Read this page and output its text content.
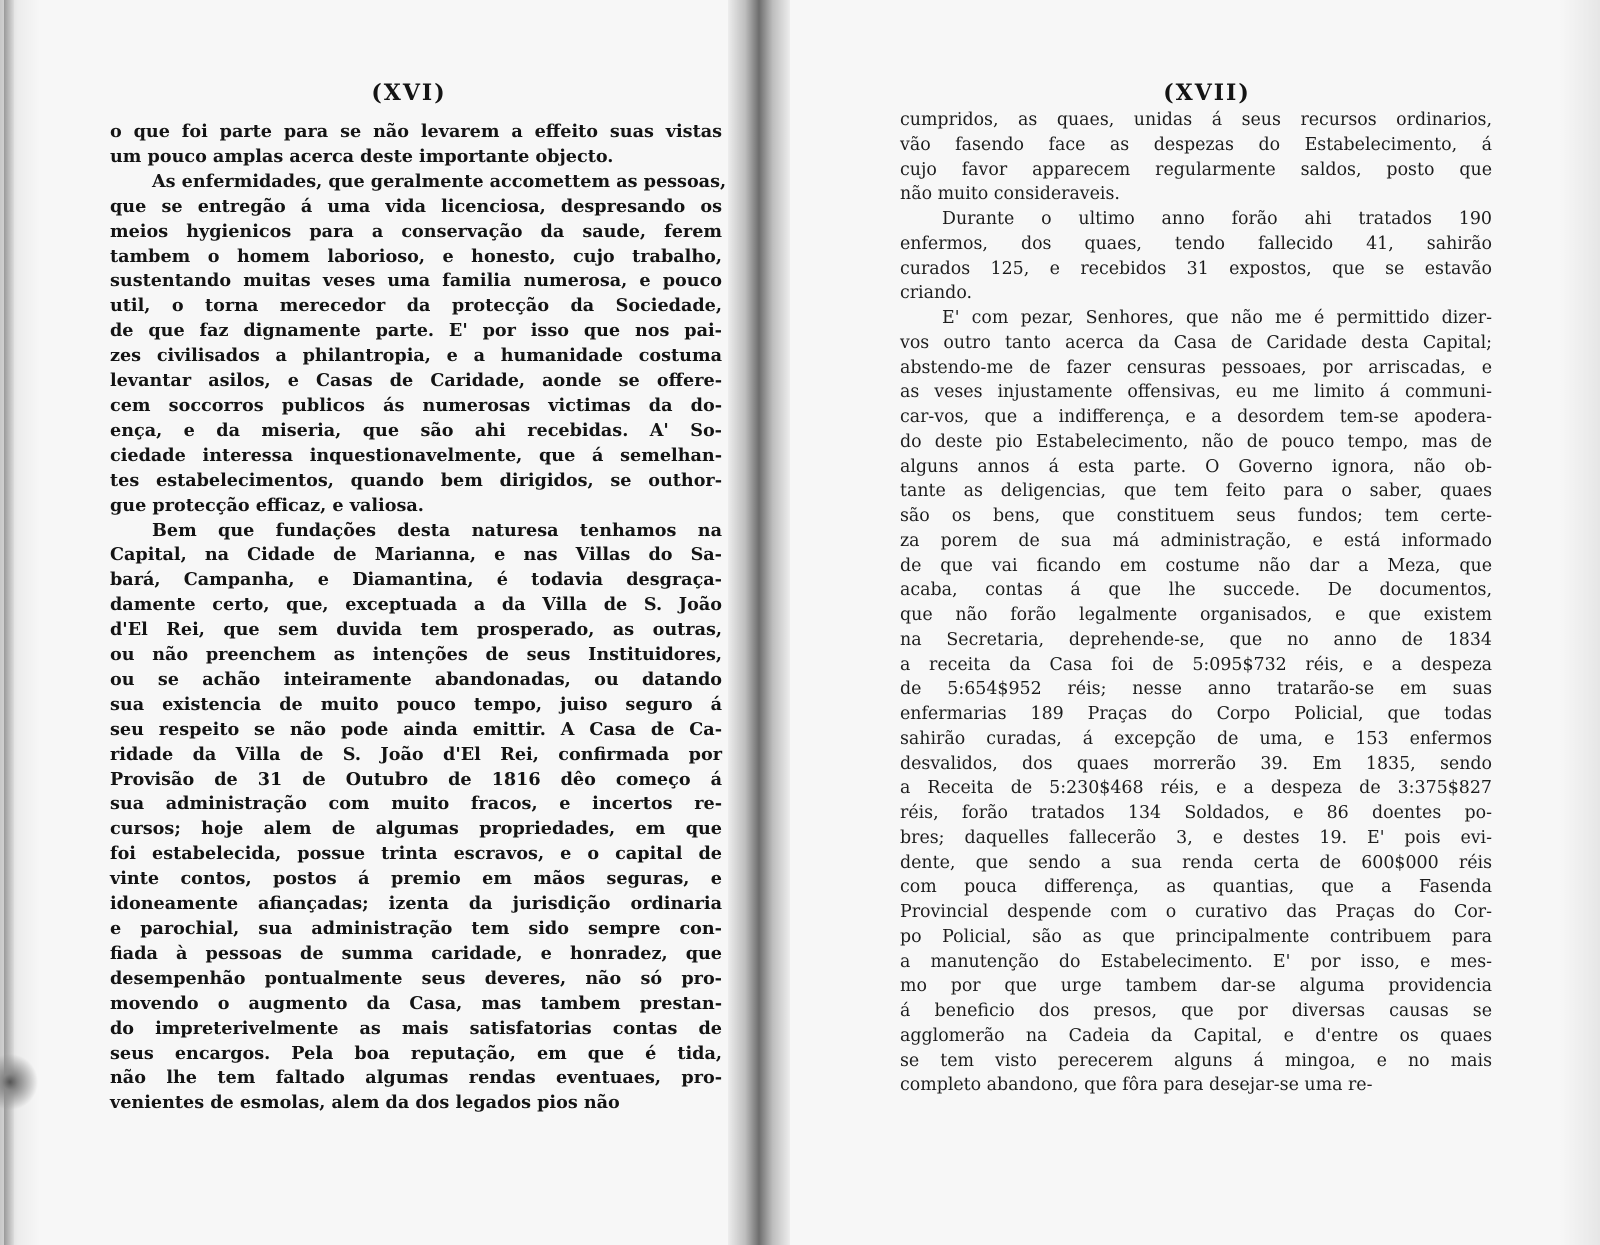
(XVI)
o que foi parte para se não levarem a effeito suas vistas
um pouco amplas acerca deste importante objecto.
As enfermidades, que geralmente accomettem as pessoas,
que se entregão á uma vida licenciosa, despresando os
meios hygienicos para a conservação da saude, ferem
tambem o homem laborioso, e honesto, cujo trabalho,
sustentando muitas veses uma familia numerosa, e pouco
util, o torna merecedor da protecção da Sociedade,
de que faz dignamente parte. E' por isso que nos pai-
zes civilisados a philantropia, e a humanidade costuma
levantar asilos, e Casas de Caridade, aonde se offere-
cem soccorros publicos ás numerosas victimas da do-
ença, e da miseria, que são ahi recebidas. A' So-
ciedade interessa inquestionavelmente, que á semelhan-
tes estabelecimentos, quando bem dirigidos, se outhor-
gue protecção efficaz, e valiosa.
Bem que fundações desta naturesa tenhamos na
Capital, na Cidade de Marianna, e nas Villas do Sa-
bará, Campanha, e Diamantina, é todavia desgraça-
damente certo, que, exceptuada a da Villa de S. João
d'El Rei, que sem duvida tem prosperado, as outras,
ou não preenchem as intenções de seus Instituidores,
ou se achão inteiramente abandonadas, ou datando
sua existencia de muito pouco tempo, juiso seguro á
seu respeito se não pode ainda emittir. A Casa de Ca-
ridade da Villa de S. João d'El Rei, confirmada por
Provisão de 31 de Outubro de 1816 dêo começo á
sua administração com muito fracos, e incertos re-
cursos; hoje alem de algumas propriedades, em que
foi estabelecida, possue trinta escravos, e o capital de
vinte contos, postos á premio em mãos seguras, e
idoneamente afiançadas; izenta da jurisdição ordinaria
e parochial, sua administração tem sido sempre con-
fiada à pessoas de summa caridade, e honradez, que
desempenhão pontualmente seus deveres, não só pro-
movendo o augmento da Casa, mas tambem prestan-
do impreterivelmente as mais satisfatorias contas de
seus encargos. Pela boa reputação, em que é tida,
não lhe tem faltado algumas rendas eventuaes, pro-
venientes de esmolas, alem da dos legados pios não
(XVII)
cumpridos, as quaes, unidas á seus recursos ordinarios,
vão fasendo face as despezas do Estabelecimento, á
cujo favor apparecem regularmente saldos, posto que
não muito consideraveis.
Durante o ultimo anno forão ahi tratados 190
enfermos, dos quaes, tendo fallecido 41, sahirão
curados 125, e recebidos 31 expostos, que se estavão
criando.
E' com pezar, Senhores, que não me é permittido dizer-
vos outro tanto acerca da Casa de Caridade desta Capital;
abstendo-me de fazer censuras pessoaes, por arriscadas, e
as veses injustamente offensivas, eu me limito á communi-
car-vos, que a indifferença, e a desordem tem-se apodera-
do deste pio Estabelecimento, não de pouco tempo, mas de
alguns annos á esta parte. O Governo ignora, não ob-
tante as deligencias, que tem feito para o saber, quaes
são os bens, que constituem seus fundos; tem certe-
za porem de sua má administração, e está informado
de que vai ficando em costume não dar a Meza, que
acaba, contas á que lhe succede. De documentos,
que não forão legalmente organisados, e que existem
na Secretaria, deprehende-se, que no anno de 1834
a receita da Casa foi de 5:095$732 réis, e a despeza
de 5:654$952 réis; nesse anno tratarão-se em suas
enfermarias 189 Praças do Corpo Policial, que todas
sahirão curadas, á excepção de uma, e 153 enfermos
desvalidos, dos quaes morrerão 39. Em 1835, sendo
a Receita de 5:230$468 réis, e a despeza de 3:375$827
réis, forão tratados 134 Soldados, e 86 doentes po-
bres; daquelles fallecerão 3, e destes 19. E' pois evi-
dente, que sendo a sua renda certa de 600$000 réis
com pouca differença, as quantias, que a Fasenda
Provincial despende com o curativo das Praças do Cor-
po Policial, são as que principalmente contribuem para
a manutenção do Estabelecimento. E' por isso, e mes-
mo por que urge tambem dar-se alguma providencia
á beneficio dos presos, que por diversas causas se
agglomerão na Cadeia da Capital, e d'entre os quaes
se tem visto perecerem alguns á mingoa, e no mais
completo abandono, que fôra para desejar-se uma re-
